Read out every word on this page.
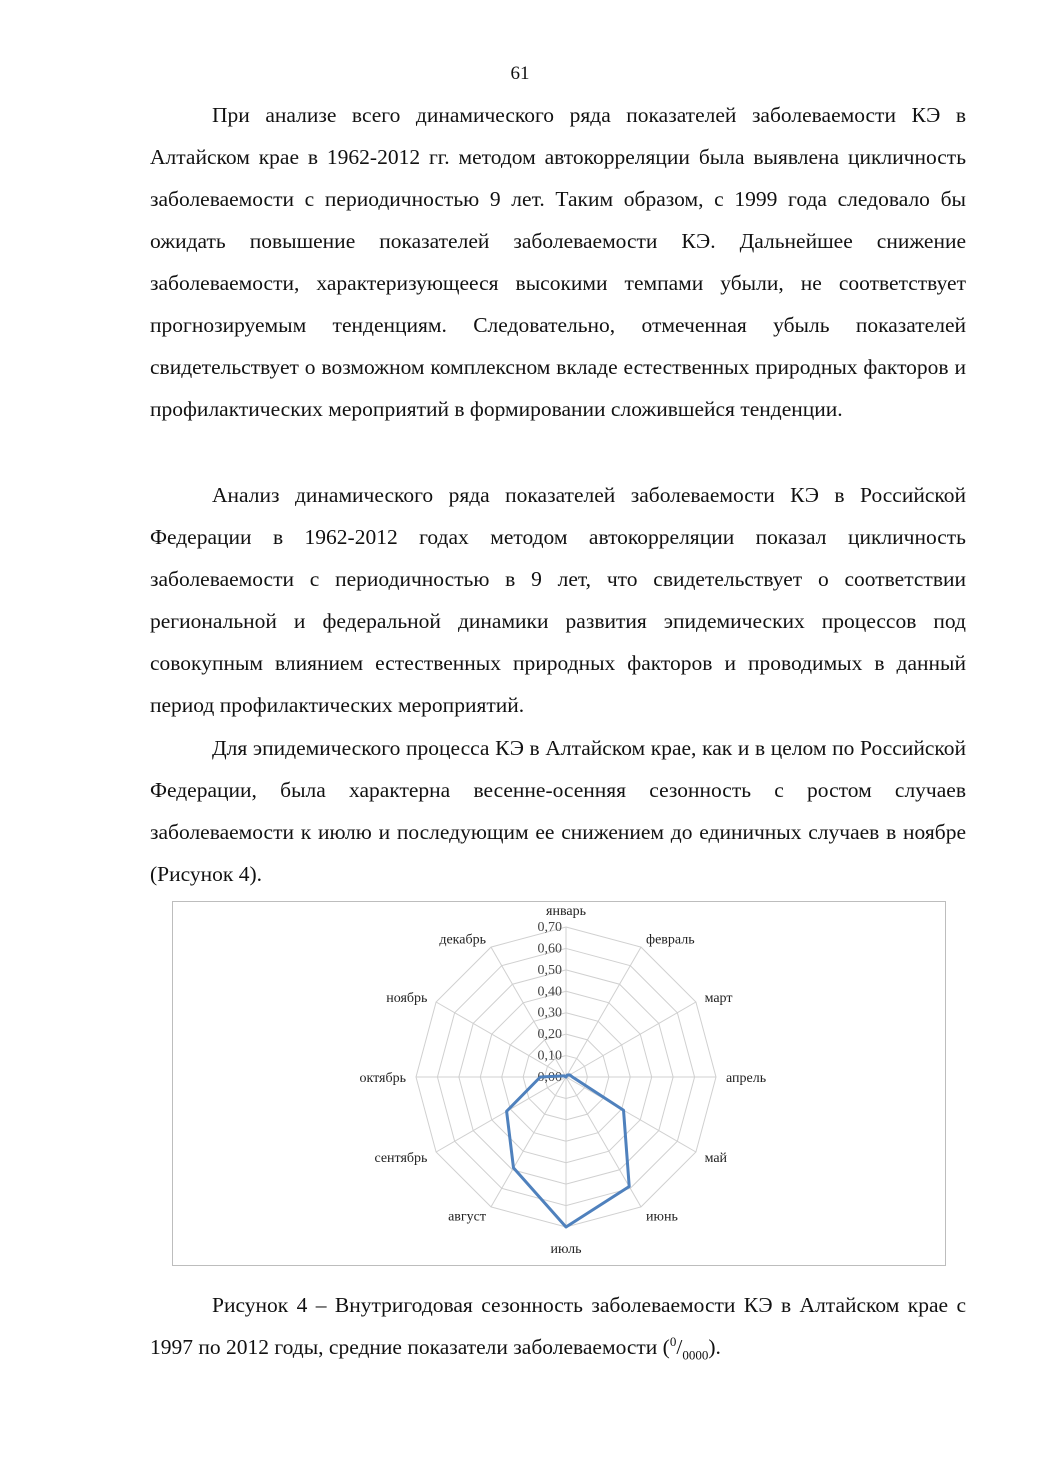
61

При анализе всего динамического ряда показателей заболеваемости КЭ в Алтайском крае в 1962-2012 гг. методом автокорреляции была выявлена цикличность заболеваемости с периодичностью 9 лет. Таким образом, с 1999 года следовало бы ожидать повышение показателей заболеваемости КЭ. Дальнейшее снижение заболеваемости, характеризующееся высокими темпами убыли, не соответствует прогнозируемым тенденциям. Следовательно, отмеченная убыль показателей свидетельствует о возможном комплексном вкладе естественных природных факторов и профилактических мероприятий в формировании сложившейся тенденции.

Анализ динамического ряда показателей заболеваемости КЭ в Российской Федерации в 1962-2012 годах методом автокорреляции показал цикличность заболеваемости с периодичностью в 9 лет, что свидетельствует о соответствии региональной и федеральной динамики развития эпидемических процессов под совокупным влиянием естественных природных факторов и проводимых в данный период профилактических мероприятий.

Для эпидемического процесса КЭ в Алтайском крае, как и в целом по Российской Федерации, была характерна весенне-осенняя сезонность с ростом случаев заболеваемости к июлю и последующим ее снижением до единичных случаев в ноябре (Рисунок 4).

0,00
0,10
0,20
0,30
0,40
0,50
0,60
0,70
январь
февраль
март
апрель
май
июнь
июль
август
сентябрь
октябрь
ноябрь
декабрь

Рисунок 4 – Внутригодовая сезонность заболеваемости КЭ в Алтайском крае с 1997 по 2012 годы, средние показатели заболеваемости $(^0/_{0000})$.
